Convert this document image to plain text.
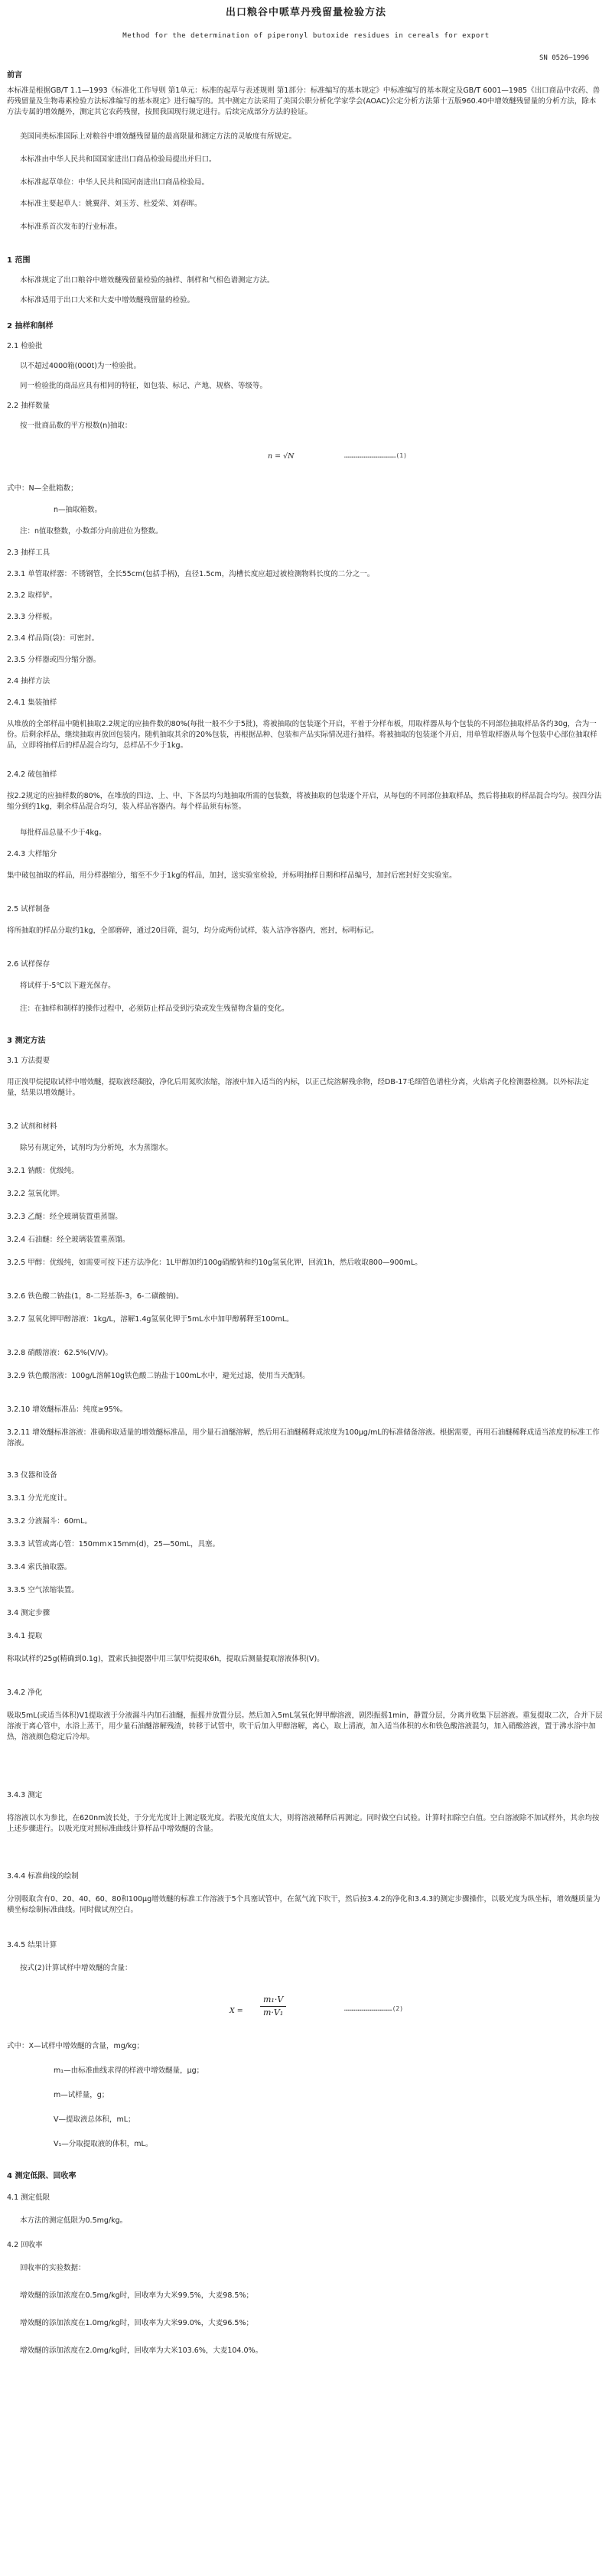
出口粮谷中哌草丹残留量检验方法
Method for the determination of piperonyl butoxide residues in cereals for export
SN 0526—1996
前言
本标准是根据GB/T 1.1—1993《标准化工作导则 第1单元：标准的起草与表述规则 第1部分：标准编写的基本规定》中标准编写的基本规定及GB/T 6001—1985《出口商品中农药、兽药残留量及生物毒素检验方法标准编写的基本规定》进行编写的。其中测定方法采用了美国公职分析化学家学会(AOAC)公定分析方法第十五版960.40中增效醚残留量的分析方法，除本方法专属的增效醚外，测定其它农药残留，按照我国现行规定进行。后续完成部分方法的验证。
美国同类标准国际上对粮谷中增效醚残留量的最高限量和测定方法的灵敏度有所规定。
本标准由中华人民共和国国家进出口商品检验局提出并归口。
本标准起草单位：中华人民共和国河南进出口商品检验局。
本标准主要起草人：姚翼萍、刘玉芳、杜爱荣、刘春晖。
本标准系首次发布的行业标准。
1 范围
本标准规定了出口粮谷中增效醚残留量检验的抽样、制样和气相色谱测定方法。
本标准适用于出口大米和大麦中增效醚残留量的检验。
2 抽样和制样
2.1 检验批
以不超过4000箱(000t)为一检验批。
同一检验批的商品应具有相同的特征，如包装、标记、产地、规格、等级等。
2.2 抽样数量
按一批商品数的平方根数(n)抽取：
n = √N	……………………………………(1)
式中：N—全批箱数；
n—抽取箱数。
注：n值取整数，小数部分向前进位为整数。
2.3 抽样工具
2.3.1 单管取样器：不锈钢管，全长55cm(包括手柄)，直径1.5cm，沟槽长度应超过被检测物料长度的二分之一。
2.3.2 取样铲。
2.3.3 分样板。
2.3.4 样品筒(袋)：可密封。
2.3.5 分样器或四分缩分器。
2.4 抽样方法
2.4.1 集装抽样
从堆放的全部样品中随机抽取2.2规定的应抽件数的80%(每批一般不少于5批)，将被抽取的包装逐个开启，平着于分样布板，用取样器从每个包装的不同部位抽取样品各约30g，合为一份。后剩余样品，继续抽取再放回包装内。随机抽取其余的20%包装，再根据品种、包装和产品实际情况进行抽样。将被抽取的包装逐个开启，用单管取样器从每个包装中心部位抽取样品，立即将抽样后的样品混合均匀，总样品不少于1kg。
2.4.2 破包抽样
按2.2规定的应抽样数的80%，在堆放的四边、上、中、下各层均匀地抽取所需的包装数，将被抽取的包装逐个开启，从每包的不同部位抽取样品，然后将抽取的样品混合均匀。按四分法缩分到约1kg，剩余样品混合均匀，装入样品容器内。每个样品须有标签。
每批样品总量不少于4kg。
2.4.3 大样缩分
集中破包抽取的样品，用分样器缩分，缩至不少于1kg的样品，加封，送实验室检验，并标明抽样日期和样品编号，加封后密封好交实验室。
2.5 试样制备
将所抽取的样品分取约1kg，全部磨碎，通过20目筛，混匀，均分成两份试样，装入洁净容器内，密封，标明标记。
2.6 试样保存
将试样于-5℃以下避光保存。
注：在抽样和制样的操作过程中，必须防止样品受到污染或发生残留物含量的变化。
3 测定方法
3.1 方法提要
用正溴甲烷提取试样中增效醚，提取液经凝胶，净化后用氮吹浓缩，溶液中加入适当的内标，以正己烷溶解残余物，经DB-17毛细管色谱柱分离，火焰离子化检测器检测。以外标法定量，结果以增效醚计。
3.2 试剂和材料
除另有规定外，试剂均为分析纯，水为蒸馏水。
3.2.1 钠酸：优级纯。
3.2.2 氢氧化钾。
3.2.3 乙醚：经全玻璃装置重蒸馏。
3.2.4 石油醚：经全玻璃装置重蒸馏。
3.2.5 甲醇：优级纯，如需要可按下述方法净化：1L甲醇加约100g硝酸钠和约10g氢氧化钾，回流1h，然后收取800—900mL。
3.2.6 铁色酸二钠盐(1，8-二羟基萘-3，6-二磺酸钠)。
3.2.7 氢氧化钾甲醇溶液：1kg/L，溶解1.4g氢氧化钾于5mL水中加甲醇稀释至100mL。
3.2.8 硝酸溶液：62.5%(V/V)。
3.2.9 铁色酸溶液：100g/L溶解10g铁色酸二钠盐于100mL水中，避光过滤，使用当天配制。
3.2.10 增效醚标准品：纯度≥95%。
3.2.11 增效醚标准溶液：准确称取适量的增效醚标准品，用少量石油醚溶解，然后用石油醚稀释成浓度为100μg/mL的标准储备溶液。根据需要，再用石油醚稀释成适当浓度的标准工作溶液。
3.3 仪器和设备
3.3.1 分光光度计。
3.3.2 分液漏斗：60mL。
3.3.3 试管或离心管：150mm×15mm(d)，25—50mL，具塞。
3.3.4 索氏抽取器。
3.3.5 空气浓缩装置。
3.4 测定步骤
3.4.1 提取
称取试样约25g(精确到0.1g)，置索氏抽提器中用三氯甲烷提取6h，提取后测量提取溶液体积(V)。
3.4.2 净化
吸取5mL(或适当体积)V1提取液于分液漏斗内加石油醚，振摇并放置分层。然后加入5mL氢氧化钾甲醇溶液，剧烈振摇1min，静置分层，分离并收集下层溶液。重复提取二次，合并下层溶液于离心管中，水浴上蒸干，用少量石油醚溶解残渣，转移于试管中，吹干后加入甲醇溶解，离心，取上清液，加入适当体积的水和铁色酸溶液混匀，加入硝酸溶液，置于沸水浴中加热，溶液颜色稳定后冷却。
3.4.3 测定
将溶液以水为参比，在620nm波长处，于分光光度计上测定吸光度。若吸光度值太大，则将溶液稀释后再测定。同时做空白试验。计算时扣除空白值。空白溶液除不加试样外，其余均按上述步骤进行。以吸光度对照标准曲线计算样品中增效醚的含量。
3.4.4 标准曲线的绘制
分别吸取含有0、20、40、60、80和100μg增效醚的标准工作溶液于5个具塞试管中，在氮气流下吹干，然后按3.4.2的净化和3.4.3的测定步骤操作，以吸光度为纵坐标，增效醚质量为横坐标绘制标准曲线。同时做试剂空白。
3.4.5 结果计算
按式(2)计算试样中增效醚的含量：
$X = \frac{\text{m₁·V}}{\text{m·V₁}}$	…………………………………(2)
式中：X—试样中增效醚的含量，mg/kg；
m₁—由标准曲线求得的样液中增效醚量，μg；
m—试样量，g；
V—提取液总体积，mL；
V₁—分取提取液的体积，mL。
4 测定低限、回收率
4.1 测定低限
本方法的测定低限为0.5mg/kg。
4.2 回收率
回收率的实验数据：
增效醚的添加浓度在0.5mg/kg时，回收率为大米99.5%，大麦98.5%；
增效醚的添加浓度在1.0mg/kg时，回收率为大米99.0%，大麦96.5%；
增效醚的添加浓度在2.0mg/kg时，回收率为大米103.6%，大麦104.0%。
